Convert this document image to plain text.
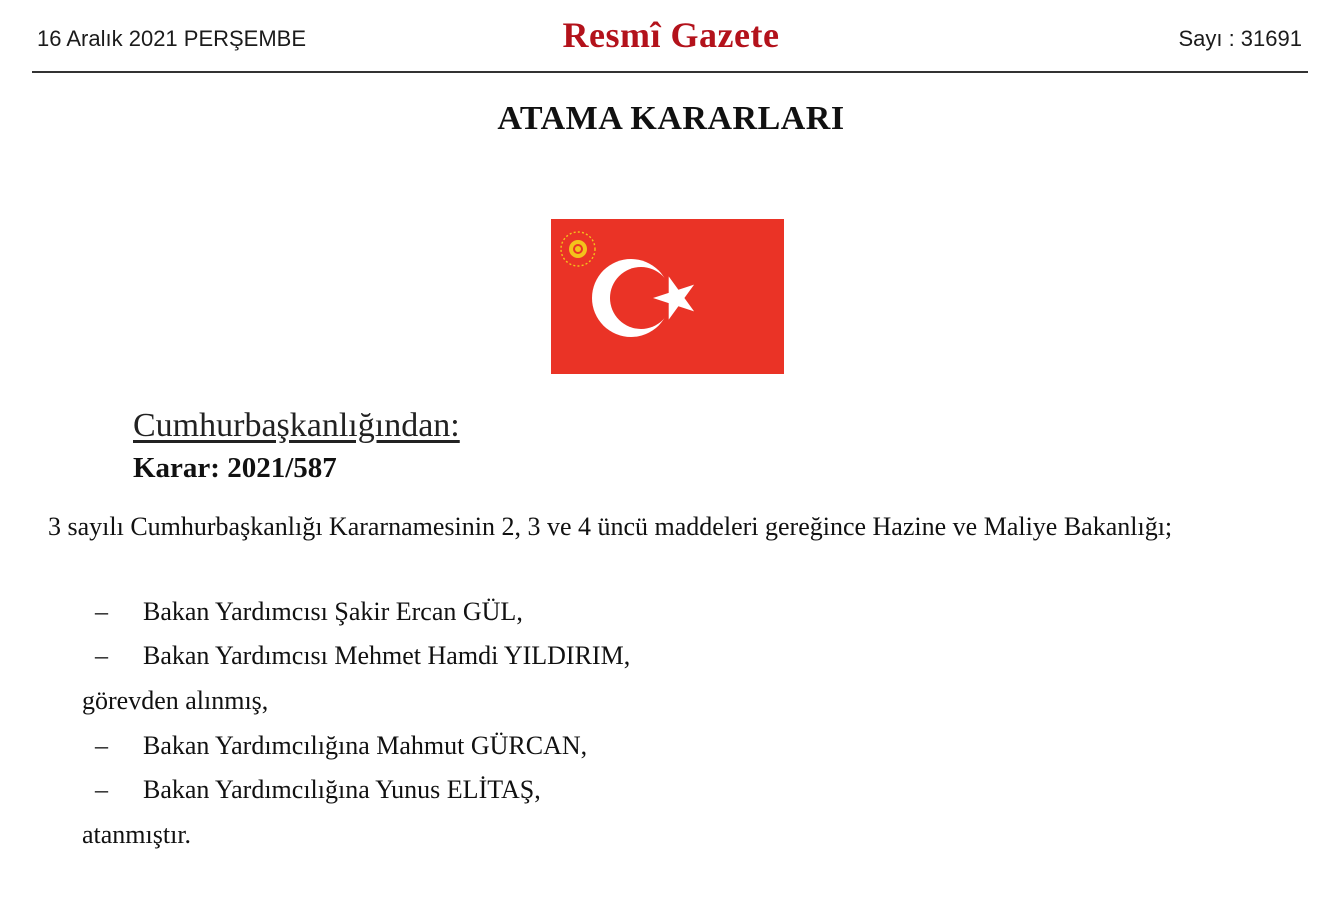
16 Aralık 2021 PERŞEMBE	Resmî Gazete	Sayı : 31691
ATAMA KARARLARI
Cumhurbaşkanlığından:
Karar: 2021/587
3 sayılı Cumhurbaşkanlığı Kararnamesinin 2, 3 ve 4 üncü maddeleri gereğince Hazine ve Maliye Bakanlığı;
– Bakan Yardımcısı Şakir Ercan GÜL,
– Bakan Yardımcısı Mehmet Hamdi YILDIRIM,
görevden alınmış,
– Bakan Yardımcılığına Mahmut GÜRCAN,
– Bakan Yardımcılığına Yunus ELİTAŞ,
atanmıştır.
